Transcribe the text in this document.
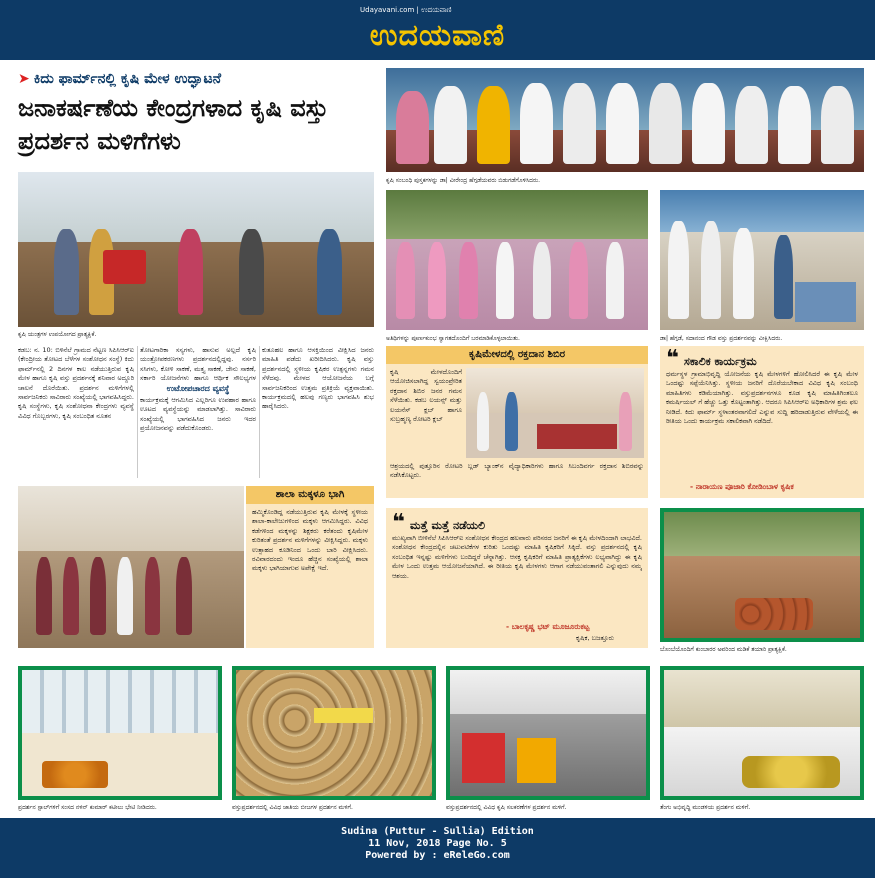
Udayavani.com | ಉದಯವಾಣಿ
ಉದಯವಾಣಿ
➤ ಕಿದು ಫಾರ್ಮ್‌ನಲ್ಲಿ ಕೃಷಿ ಮೇಳ ಉದ್ಘಾಟನೆ
ಜನಾಕರ್ಷಣೆಯ ಕೇಂದ್ರಗಳಾದ ಕೃಷಿ ವಸ್ತು ಪ್ರದರ್ಶನ ಮಳಿಗೆಗಳು
ಕೃಷಿ ಯಂತ್ರಗಳ ಉಪಯೋಗದ ಪ್ರಾತ್ಯಕ್ಷಿಕೆ.
ಕೃಷಿ ಸಂಬಂಧಿ ಪುಸ್ತಕಗಳನ್ನು ಡಾ| ವೀರೇಂದ್ರ ಹೆಗ್ಗಡೆಯವರು ಬಿಡುಗಡೆಗೊಳಿಸಿದರು.
ಅತಿಥಿಗಳನ್ನು ಪೂರ್ಣಕುಂಭ ಸ್ವಾಗತದೊಂದಿಗೆ ಬರಮಾಡಿಕೊಳ್ಳಲಾಯಿತು.	ಡಾ| ಹೆಗ್ಗಡೆ, ಸದಾನಂದ ಗೌಡ ವಸ್ತು ಪ್ರದರ್ಶನವನ್ನು ವೀಕ್ಷಿಸಿದರು.
ಕಡಬ: ನ. 10: ಬಿಳಿನೆಲೆ ಗ್ರಾಮದ ನೆಟ್ಟಣ ಸಿಪಿಸಿಆರ್‌ಐ (ಕೇಂದ್ರೀಯ ತೋಟದ ಬೆಳೆಗಳ ಸಂಶೋಧನ ಸಂಸ್ಥೆ) ಕಿದು ಫಾರ್ಮ್‌ನಲ್ಲಿ 2 ದಿನಗಳ ಕಾಲ ನಡೆಯುತ್ತಿರುವ ಕೃಷಿ ಮೇಳ ಹಾಗೂ ಕೃಷಿ ವಸ್ತು ಪ್ರದರ್ಶನಕ್ಕೆ ಶನಿವಾರ ಅದ್ದೂರಿ ಚಾಲನೆ ದೊರೆಯಿತು. ಪ್ರದರ್ಶನ ಮಳಿಗೆಗಳಲ್ಲಿ ಸಾರ್ವಜನಿಕರು ಸಾವಿರಾರು ಸಂಖ್ಯೆಯಲ್ಲಿ ಭಾಗವಹಿಸಿದ್ದರು. ಕೃಷಿ ಸಂಸ್ಥೆಗಳು, ಕೃಷಿ ಸಂಶೋಧನಾ ಕೇಂದ್ರಗಳು ವ್ಯವಸ್ಥೆ ವಿವಿಧ ಗೊಬ್ಬರಗಳು, ಕೃಷಿ ಸಂಬಂಧಿತ ನೂತನ
ತೋಟಗಾರಿಕಾ ಸಸ್ಯಗಳು, ಹಾಸುವ ಅಲ್ಲದೆ ಕೃಷಿ ಯಂತ್ರೋಪಕರಣಗಳು ಪ್ರದರ್ಶನದಲ್ಲಿದ್ದವು. ನರ್ಸರಿ ಸಸಿಗಳು, ಕೋಳಿ ಸಾಕಣೆ, ಮತ್ತ್ಯ ಸಾಕಣೆ, ಜೇನು ಸಾಕಣೆ, ಸರ್ಕಾರಿ ಯೋಜನೆಗಳು ಹಾಗೂ ಆರ್ಥಿಕ ಸೌಲಭ್ಯಗಳ
ಉಟೋಪಚಾರದ ವ್ಯವಸ್ಥೆ
ಕಾರ್ಯಕ್ರಮಕ್ಕೆ ಆಗಮಿಸಿದ ಎಲ್ಲರಿಗೂ ಉಪಹಾರ ಹಾಗೂ ಊಟದ ವ್ಯವಸ್ಥೆಯನ್ನು ಮಾಡಲಾಗಿತ್ತು. ಸಾವಿರಾರು ಸಂಖ್ಯೆಯಲ್ಲಿ ಭಾಗವಹಿಸಿದ ಜನರು ಇದರ ಪ್ರಯೋಜನವನ್ನು ಪಡೆದುಕೊಂಡರು.
ಕುತೂಹಲ ಹಾಗೂ ಆಸಕ್ತಿಯಿಂದ ವೀಕ್ಷಿಸಿದ ಜನರು ಮಾಹಿತಿ ಪಡೆದು ಖರೀದಿಸಿದರು. ಕೃಷಿ ವಸ್ತು ಪ್ರದರ್ಶನದಲ್ಲಿ ಸ್ಥಳೀಯ ಕೃಷಿಕರ ಉತ್ಪನ್ನಗಳು ಗಮನ ಸೆಳೆದವು. ಮೇಳದ ಆಯೋಜನೆಯ ಬಗ್ಗೆ ಸಾರ್ವಜನಿಕರಿಂದ ಉತ್ತಮ ಪ್ರತಿಕ್ರಿಯೆ ವ್ಯಕ್ತವಾಯಿತು. ಕಾರ್ಯಕ್ರಮದಲ್ಲಿ ಹಲವು ಗಣ್ಯರು ಭಾಗವಹಿಸಿ ಶುಭ ಹಾರೈಸಿದರು.
ಶಾಲಾ ಮಕ್ಕಳೂ ಭಾಗಿ
ಹಮ್ಮಿಕೊಂಡಿದ್ದ ನಡೆಯುತ್ತಿರುವ ಕೃಷಿ ಮೇಳಕ್ಕೆ ಸ್ಥಳೀಯ ಶಾಲಾ-ಕಾಲೇಜುಗಳಿಂದ ಮಕ್ಕಳು ಆಗಮಿಸಿದ್ದರು. ವಿವಿಧ ಕಡೆಗಳಿಂದ ಮಕ್ಕಳನ್ನು ಶಿಕ್ಷಕರು ಕರೆತಂದು ಕೃಷಿಮೇಳ ಕುರಿತಂತೆ ಪ್ರದರ್ಶನ ಮಳಿಗೆಗಳನ್ನು ವೀಕ್ಷಿಸಿದ್ದರು. ಮಕ್ಕಳು ಉತ್ಸಾಹದ ಕೂಡಿನಿಂದ ಒಂದು ಬಾರಿ ವೀಕ್ಷಿಸಿದರು. ರವಿವಾರದಂದು ಇಂದೂ ಹೆಚ್ಚಿನ ಸಂಖ್ಯೆಯಲ್ಲಿ ಶಾಲಾ ಮಕ್ಕಳು ಭಾಗಿಯಾಗುವ ಅಪೇಕ್ಷೆ ಇದೆ.
ಕೃಷಿಮೇಳದಲ್ಲಿ ರಕ್ತದಾನ ಶಿಬಿರ
ಕೃಷಿ ಮೇಳದೊಂದಿಗೆ ಆಯೋಜಿಸಲಾಗಿದ್ದ ಸ್ವಯಂಪ್ರೇರಿತ ರಕ್ತದಾನ ಶಿಬಿರ ಜನರ ಗಮನ ಸೆಳೆಯಿತು. ಕಡಬ ಲಯನ್ಸ್ ಮತ್ತು ಲಯನೆಸ್ ಕ್ಲಬ್ ಹಾಗೂ ಸುಬ್ರಹ್ಮಣ್ಯ ರೋಟರಿ ಕ್ಲಬ್
ಆಶ್ರಯದಲ್ಲಿ ಪುತ್ತೂರಿನ ರೋಟರಿ ಬ್ಲಡ್ ಬ್ಯಾಂಕ್‌ನ ವೈದ್ಯಾಧಿಕಾರಿಗಳು ಹಾಗೂ ಸಿಬಂದಿವರ್ಗ ರಕ್ತದಾನ ಶಿಬಿರವನ್ನು ನಡೆಸಿಕೊಟ್ಟರು.
❝ ಸಕಾಲಿಕ ಕಾರ್ಯಕ್ರಮ
ಧರ್ಮಸ್ಥಳ ಗ್ರಾಮಾಭಿವೃದ್ಧಿ ಯೋಜನೆಯ ಕೃಷಿ ಮೇಳಗಳಿಗೆ ಹೋಲಿಸಿದರೆ ಈ ಕೃಷಿ ಮೇಳ ಒಂದಷ್ಟು ಸಪ್ಪೆಯೆನಿಸಿತ್ತು. ಸ್ಥಳೀಯ ಜನರಿಗೆ ದೊರೆಯಬೇಕಾದ ವಿವಿಧ ಕೃಷಿ ಸಂಬಂಧಿ ಮಾಹಿತಿಗಳು ಕಡಿಮೆಯಾಗಿತ್ತು. ವಸ್ತುಪ್ರದರ್ಶನಗಳೂ ಕೂಡ ಕೃಷಿ ಮಾಹಿತಿಗಿಂತಲೂ ಕಮರ್ಷಿಯಲ್ ಗೆ ಹೆಚ್ಚು ಒತ್ತು ಕೊಟ್ಟಂತಾಗಿತ್ತು. ಆದರೂ ಸಿಪಿಸಿಆರ್‌ಐ ಅಧಿಕಾರಿಗಳ ಶ್ರಮ ಫಲ ನೀಡಿದೆ. ಕಿದು ಫಾರ್ಮ್ ಸ್ಥಳಾಂತರವಾಗಲಿದೆ ಎನ್ನುವ ಸುದ್ದಿ ಹರಿದಾಡುತ್ತಿರುವ ವೇಳೆಯಲ್ಲಿ ಈ ರೀತಿಯ ಒಂದು ಕಾರ್ಯಕ್ರಮ ಸಕಾಲಿಕವಾಗಿ ನಡೆದಿದೆ.
- ನಾರಾಯಣ ಪೂಜಾರಿ ಕೋಡಿಂಬಾಳ ಕೃಷಿಕ
❝ ಮತ್ತೆ ಮತ್ತೆ ನಡೆಯಲಿ
ಮುಖ್ಯವಾಗಿ ಬೀಳಿನೆಲೆ ಸಿಪಿಸಿಆರ್‌ಐ ಸಂಶೋಧನ ಕೇಂದ್ರದ ಹಲವಾರು ಪರಿಸರದ ಜನರಿಗೆ ಈ ಕೃಷಿ ಮೇಳದಿಂದಾಗಿ ಲಾಭವಿದೆ. ಸಂಶೋಧನ ಕೇಂದ್ರದಲ್ಲಿನ ಚಟುವಟಿಕೆಗಳ ಕುರಿತು ಒಂದಷ್ಟು ಮಾಹಿತಿ ಕೃಷಿಕರಿಗೆ ಸಿಕ್ಕಿದೆ. ವಸ್ತು ಪ್ರದರ್ಶನದಲ್ಲಿ ಕೃಷಿ ಸಂಬಂಧಿತ ಇನ್ನಷ್ಟು ಮಳಿಗೆಗಳು ಬಂದಿದ್ದರೆ ಚೆನ್ನಾಗಿತ್ತು. ಆಸಕ್ತ ಕೃಷಿಕರಿಗೆ ಮಾಹಿತಿ ಪ್ರಾತ್ಯಕ್ಷಿಕೆಗಳು ಲಭ್ಯವಾಗಿದ್ದು ಈ ಕೃಷಿ ಮೇಳ ಒಂದು ಉತ್ತಮ ಆಯೋಜನೆಯಾಗಿದೆ. ಈ ರೀತಿಯ ಕೃಷಿ ಮೇಳಗಳು ಆಗಾಗ ನಡೆಯುವಂತಾಗಲಿ ಎನ್ನುವುದು ನಮ್ಮ ಆಶಯ.
- ಬಾಲಕೃಷ್ಣ ಭಟ್ ಮೂಜೂರುಕಟ್ಟ
ಕೃಷಿಕ, ಬಜತ್ತೂರು
ಬೊಂಬೆಯೊಂದಿಗೆ ಕುಂಬಾರರ ಅವರಿಂದ ಮಡಿಕೆ ತಯಾರಿ ಪ್ರಾತ್ಯಕ್ಷಿಕೆ.
ಪ್ರದರ್ಶನ ಸ್ಟಾಲ್‌ಗಳಿಗೆ ಸಂಸದ ನಳಿನ್ ಕುಮಾರ್ ಕಟೀಲು ಭೇಟಿ ನೀಡಿದರು.	ವಸ್ತುಪ್ರದರ್ಶನದಲ್ಲಿ ವಿವಿಧ ಜಾತಿಯ ಬೀಜಗಳ ಪ್ರದರ್ಶನ ಮಳಿಗೆ.	ವಸ್ತುಪ್ರದರ್ಶನದಲ್ಲಿ ವಿವಿಧ ಕೃಷಿ ಸಲಕರಣೆಗಳ ಪ್ರದರ್ಶನ ಮಳಿಗೆ.	ತೆಂಗು ಅಭಿವೃದ್ಧಿ ಮಂಡಳಿಯ ಪ್ರದರ್ಶನ ಮಳಿಗೆ.
Sudina (Puttur - Sullia) Edition
11 Nov, 2018 Page No. 5
Powered by : eReleGo.com
